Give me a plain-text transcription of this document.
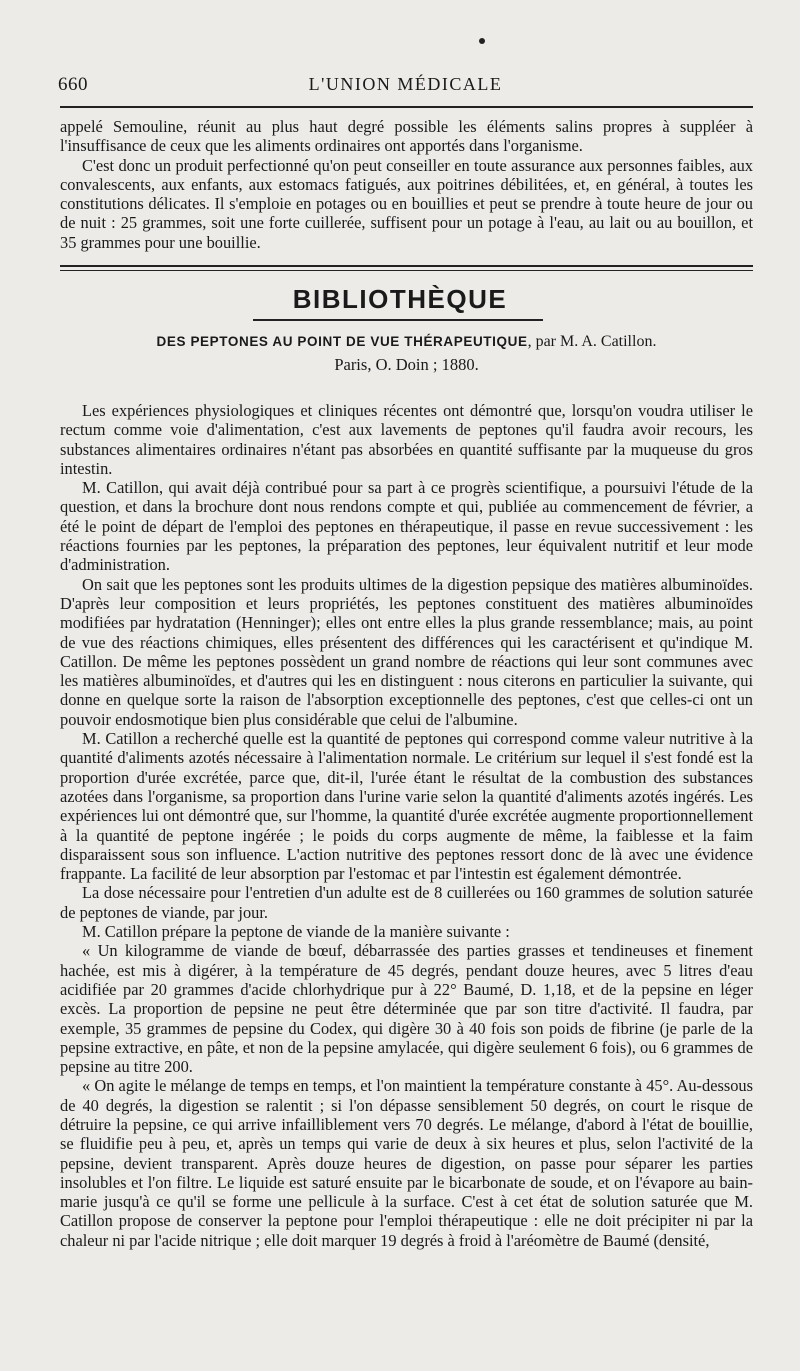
660	L'UNION MÉDICALE

appelé Semouline, réunit au plus haut degré possible les éléments salins propres à suppléer à l'insuffisance de ceux que les aliments ordinaires ont apportés dans l'organisme.

C'est donc un produit perfectionné qu'on peut conseiller en toute assurance aux personnes faibles, aux convalescents, aux enfants, aux estomacs fatigués, aux poitrines débilitées, et, en général, à toutes les constitutions délicates. Il s'emploie en potages ou en bouillies et peut se prendre à toute heure de jour ou de nuit : 25 grammes, soit une forte cuillerée, suffisent pour un potage à l'eau, au lait ou au bouillon, et 35 grammes pour une bouillie.

BIBLIOTHÈQUE
DES PEPTONES AU POINT DE VUE THÉRAPEUTIQUE, par M. A. Catillon.
Paris, O. Doin ; 1880.

Les expériences physiologiques et cliniques récentes ont démontré que, lorsqu'on voudra utiliser le rectum comme voie d'alimentation, c'est aux lavements de peptones qu'il faudra avoir recours, les substances alimentaires ordinaires n'étant pas absorbées en quantité suffisante par la muqueuse du gros intestin.

M. Catillon, qui avait déjà contribué pour sa part à ce progrès scientifique, a poursuivi l'étude de la question, et dans la brochure dont nous rendons compte et qui, publiée au commencement de février, a été le point de départ de l'emploi des peptones en thérapeutique, il passe en revue successivement : les réactions fournies par les peptones, la préparation des peptones, leur équivalent nutritif et leur mode d'administration.

On sait que les peptones sont les produits ultimes de la digestion pepsique des matières albuminoïdes. D'après leur composition et leurs propriétés, les peptones constituent des matières albuminoïdes modifiées par hydratation (Henninger); elles ont entre elles la plus grande ressemblance; mais, au point de vue des réactions chimiques, elles présentent des différences qui les caractérisent et qu'indique M. Catillon. De même les peptones possèdent un grand nombre de réactions qui leur sont communes avec les matières albuminoïdes, et d'autres qui les en distinguent : nous citerons en particulier la suivante, qui donne en quelque sorte la raison de l'absorption exceptionnelle des peptones, c'est que celles-ci ont un pouvoir endosmotique bien plus considérable que celui de l'albumine.

M. Catillon a recherché quelle est la quantité de peptones qui correspond comme valeur nutritive à la quantité d'aliments azotés nécessaire à l'alimentation normale. Le critérium sur lequel il s'est fondé est la proportion d'urée excrétée, parce que, dit-il, l'urée étant le résultat de la combustion des substances azotées dans l'organisme, sa proportion dans l'urine varie selon la quantité d'aliments azotés ingérés. Les expériences lui ont démontré que, sur l'homme, la quantité d'urée excrétée augmente proportionnellement à la quantité de peptone ingérée ; le poids du corps augmente de même, la faiblesse et la faim disparaissent sous son influence. L'action nutritive des peptones ressort donc de là avec une évidence frappante. La facilité de leur absorption par l'estomac et par l'intestin est également démontrée.

La dose nécessaire pour l'entretien d'un adulte est de 8 cuillerées ou 160 grammes de solution saturée de peptones de viande, par jour.

M. Catillon prépare la peptone de viande de la manière suivante :

« Un kilogramme de viande de bœuf, débarrassée des parties grasses et tendineuses et finement hachée, est mis à digérer, à la température de 45 degrés, pendant douze heures, avec 5 litres d'eau acidifiée par 20 grammes d'acide chlorhydrique pur à 22° Baumé, D. 1,18, et de la pepsine en léger excès. La proportion de pepsine ne peut être déterminée que par son titre d'activité. Il faudra, par exemple, 35 grammes de pepsine du Codex, qui digère 30 à 40 fois son poids de fibrine (je parle de la pepsine extractive, en pâte, et non de la pepsine amylacée, qui digère seulement 6 fois), ou 6 grammes de pepsine au titre 200.

« On agite le mélange de temps en temps, et l'on maintient la température constante à 45°. Au-dessous de 40 degrés, la digestion se ralentit ; si l'on dépasse sensiblement 50 degrés, on court le risque de détruire la pepsine, ce qui arrive infailliblement vers 70 degrés. Le mélange, d'abord à l'état de bouillie, se fluidifie peu à peu, et, après un temps qui varie de deux à six heures et plus, selon l'activité de la pepsine, devient transparent. Après douze heures de digestion, on passe pour séparer les parties insolubles et l'on filtre. Le liquide est saturé ensuite par le bicarbonate de soude, et on l'évapore au bain-marie jusqu'à ce qu'il se forme une pellicule à la surface. C'est à cet état de solution saturée que M. Catillon propose de conserver la peptone pour l'emploi thérapeutique : elle ne doit précipiter ni par la chaleur ni par l'acide nitrique ; elle doit marquer 19 degrés à froid à l'aréomètre de Baumé (densité,
